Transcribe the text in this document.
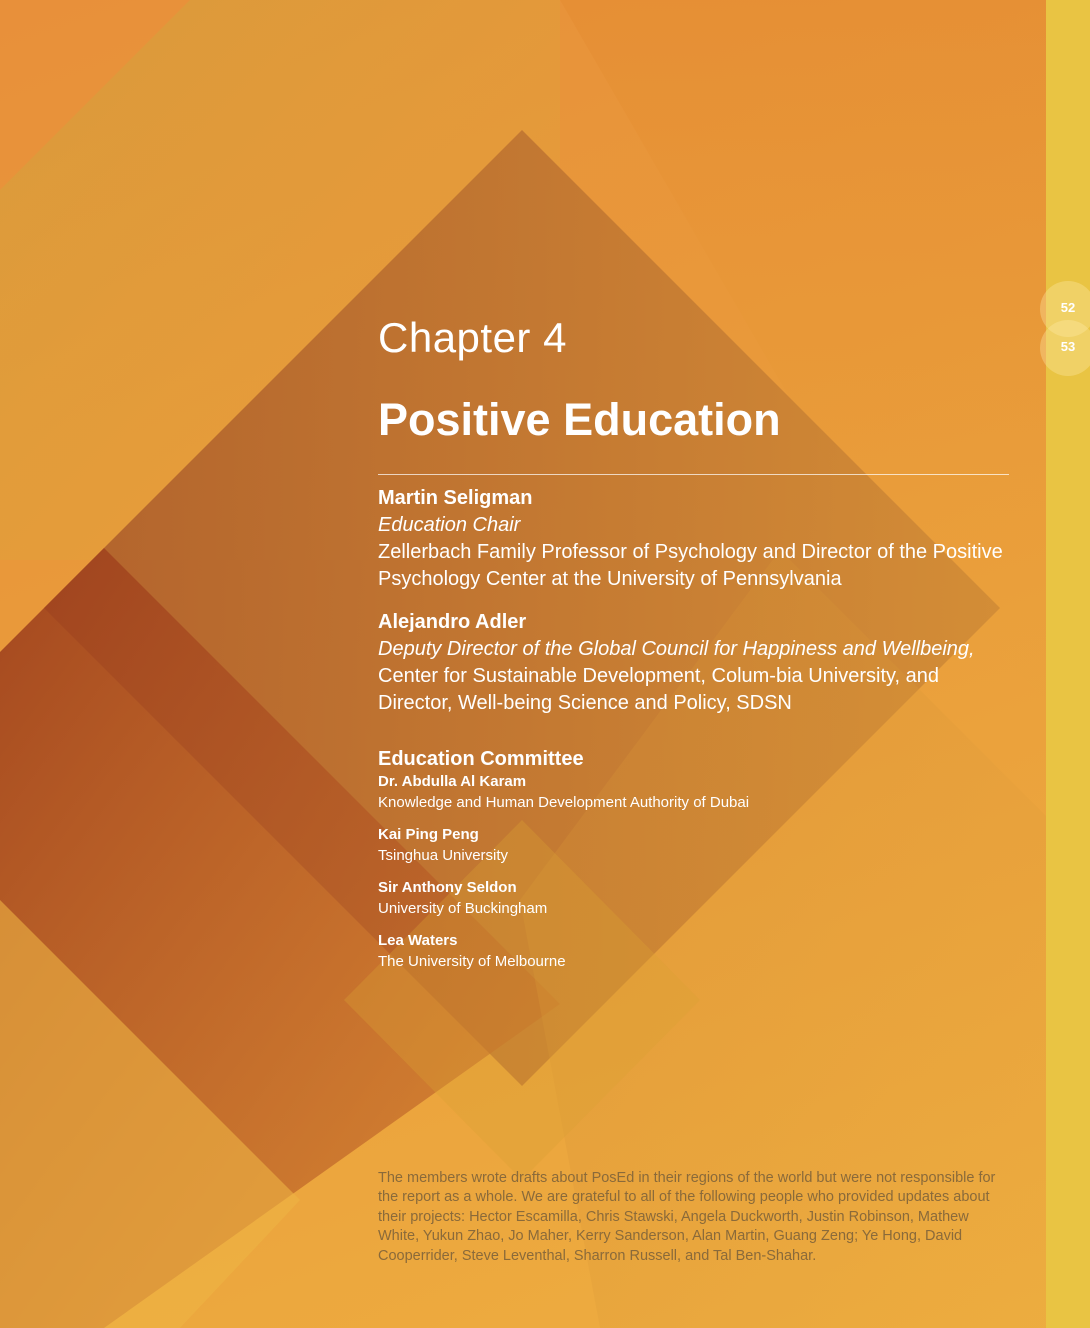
52
53
Chapter 4
Positive Education
Martin Seligman
Education Chair
Zellerbach Family Professor of Psychology and Director of the Positive Psychology Center at the University of Pennsylvania
Alejandro Adler
Deputy Director of the Global Council for Happiness and Wellbeing, Center for Sustainable Development, Colum-bia University, and Director, Well-being Science and Policy, SDSN
Education Committee
Dr. Abdulla Al Karam
Knowledge and Human Development Authority of Dubai
Kai Ping Peng
Tsinghua University
Sir Anthony Seldon
University of Buckingham
Lea Waters
The University of Melbourne

The members wrote drafts about PosEd in their regions of the world but were not responsible for the report as a whole. We are grateful to all of the following people who provided updates about their projects: Hector Escamilla, Chris Stawski, Angela Duckworth, Justin Robinson, Mathew White, Yukun Zhao, Jo Maher, Kerry Sanderson, Alan Martin, Guang Zeng; Ye Hong, David Cooperrider, Steve Leventhal, Sharron Russell, and Tal Ben-Shahar.
